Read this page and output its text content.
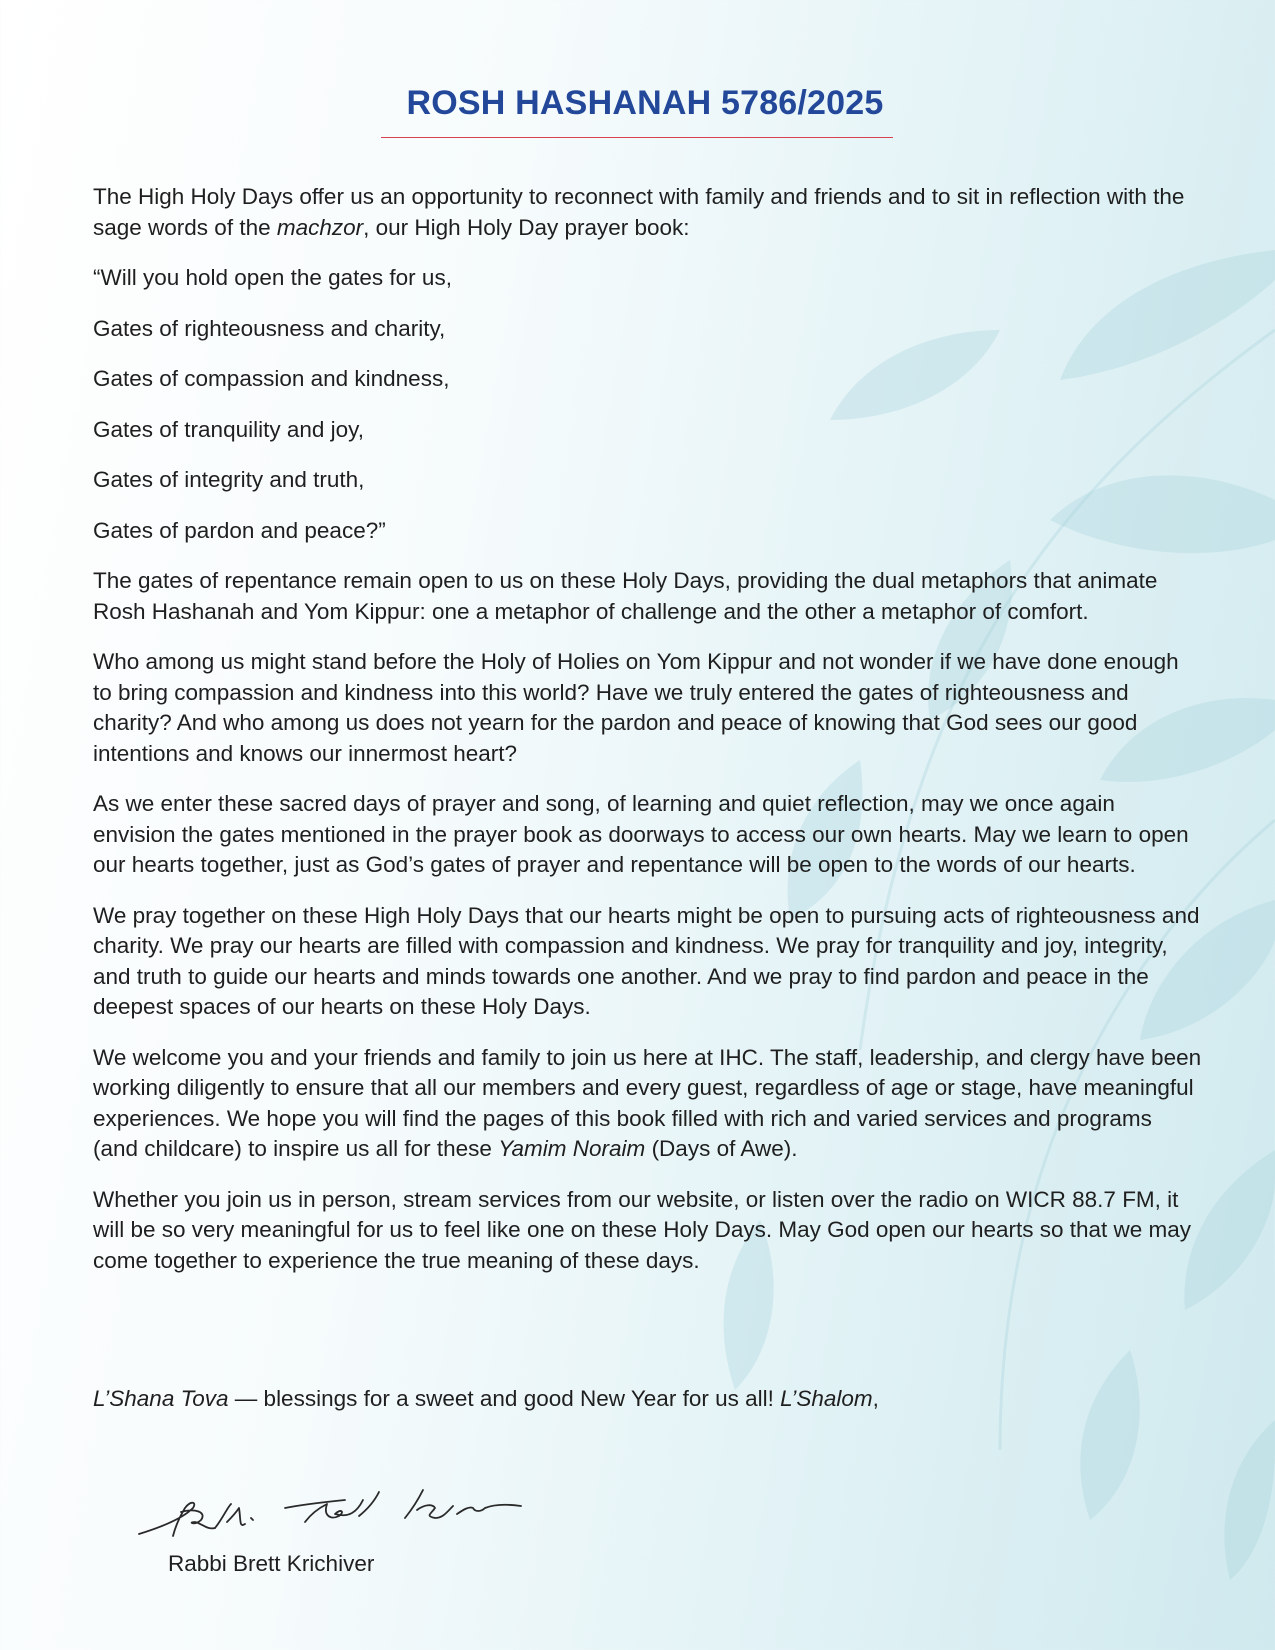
ROSH HASHANAH 5786/2025

The High Holy Days offer us an opportunity to reconnect with family and friends and to sit in reflection with the sage words of the machzor, our High Holy Day prayer book:

“Will you hold open the gates for us,

Gates of righteousness and charity,

Gates of compassion and kindness,

Gates of tranquility and joy,

Gates of integrity and truth,

Gates of pardon and peace?”

The gates of repentance remain open to us on these Holy Days, providing the dual metaphors that animate Rosh Hashanah and Yom Kippur: one a metaphor of challenge and the other a metaphor of comfort.

Who among us might stand before the Holy of Holies on Yom Kippur and not wonder if we have done enough to bring compassion and kindness into this world? Have we truly entered the gates of righteousness and charity? And who among us does not yearn for the pardon and peace of knowing that God sees our good intentions and knows our innermost heart?

As we enter these sacred days of prayer and song, of learning and quiet reflection, may we once again envision the gates mentioned in the prayer book as doorways to access our own hearts. May we learn to open our hearts together, just as God’s gates of prayer and repentance will be open to the words of our hearts.

We pray together on these High Holy Days that our hearts might be open to pursuing acts of righteousness and charity. We pray our hearts are filled with compassion and kindness. We pray for tranquility and joy, integrity, and truth to guide our hearts and minds towards one another. And we pray to find pardon and peace in the deepest spaces of our hearts on these Holy Days.

We welcome you and your friends and family to join us here at IHC. The staff, leadership, and clergy have been working diligently to ensure that all our members and every guest, regardless of age or stage, have meaningful experiences. We hope you will find the pages of this book filled with rich and varied services and programs (and childcare) to inspire us all for these Yamim Noraim (Days of Awe).

Whether you join us in person, stream services from our website, or listen over the radio on WICR 88.7 FM, it will be so very meaningful for us to feel like one on these Holy Days. May God open our hearts so that we may come together to experience the true meaning of these days.

L’Shana Tova — blessings for a sweet and good New Year for us all! L’Shalom,
Rabbi Brett Krichiver
